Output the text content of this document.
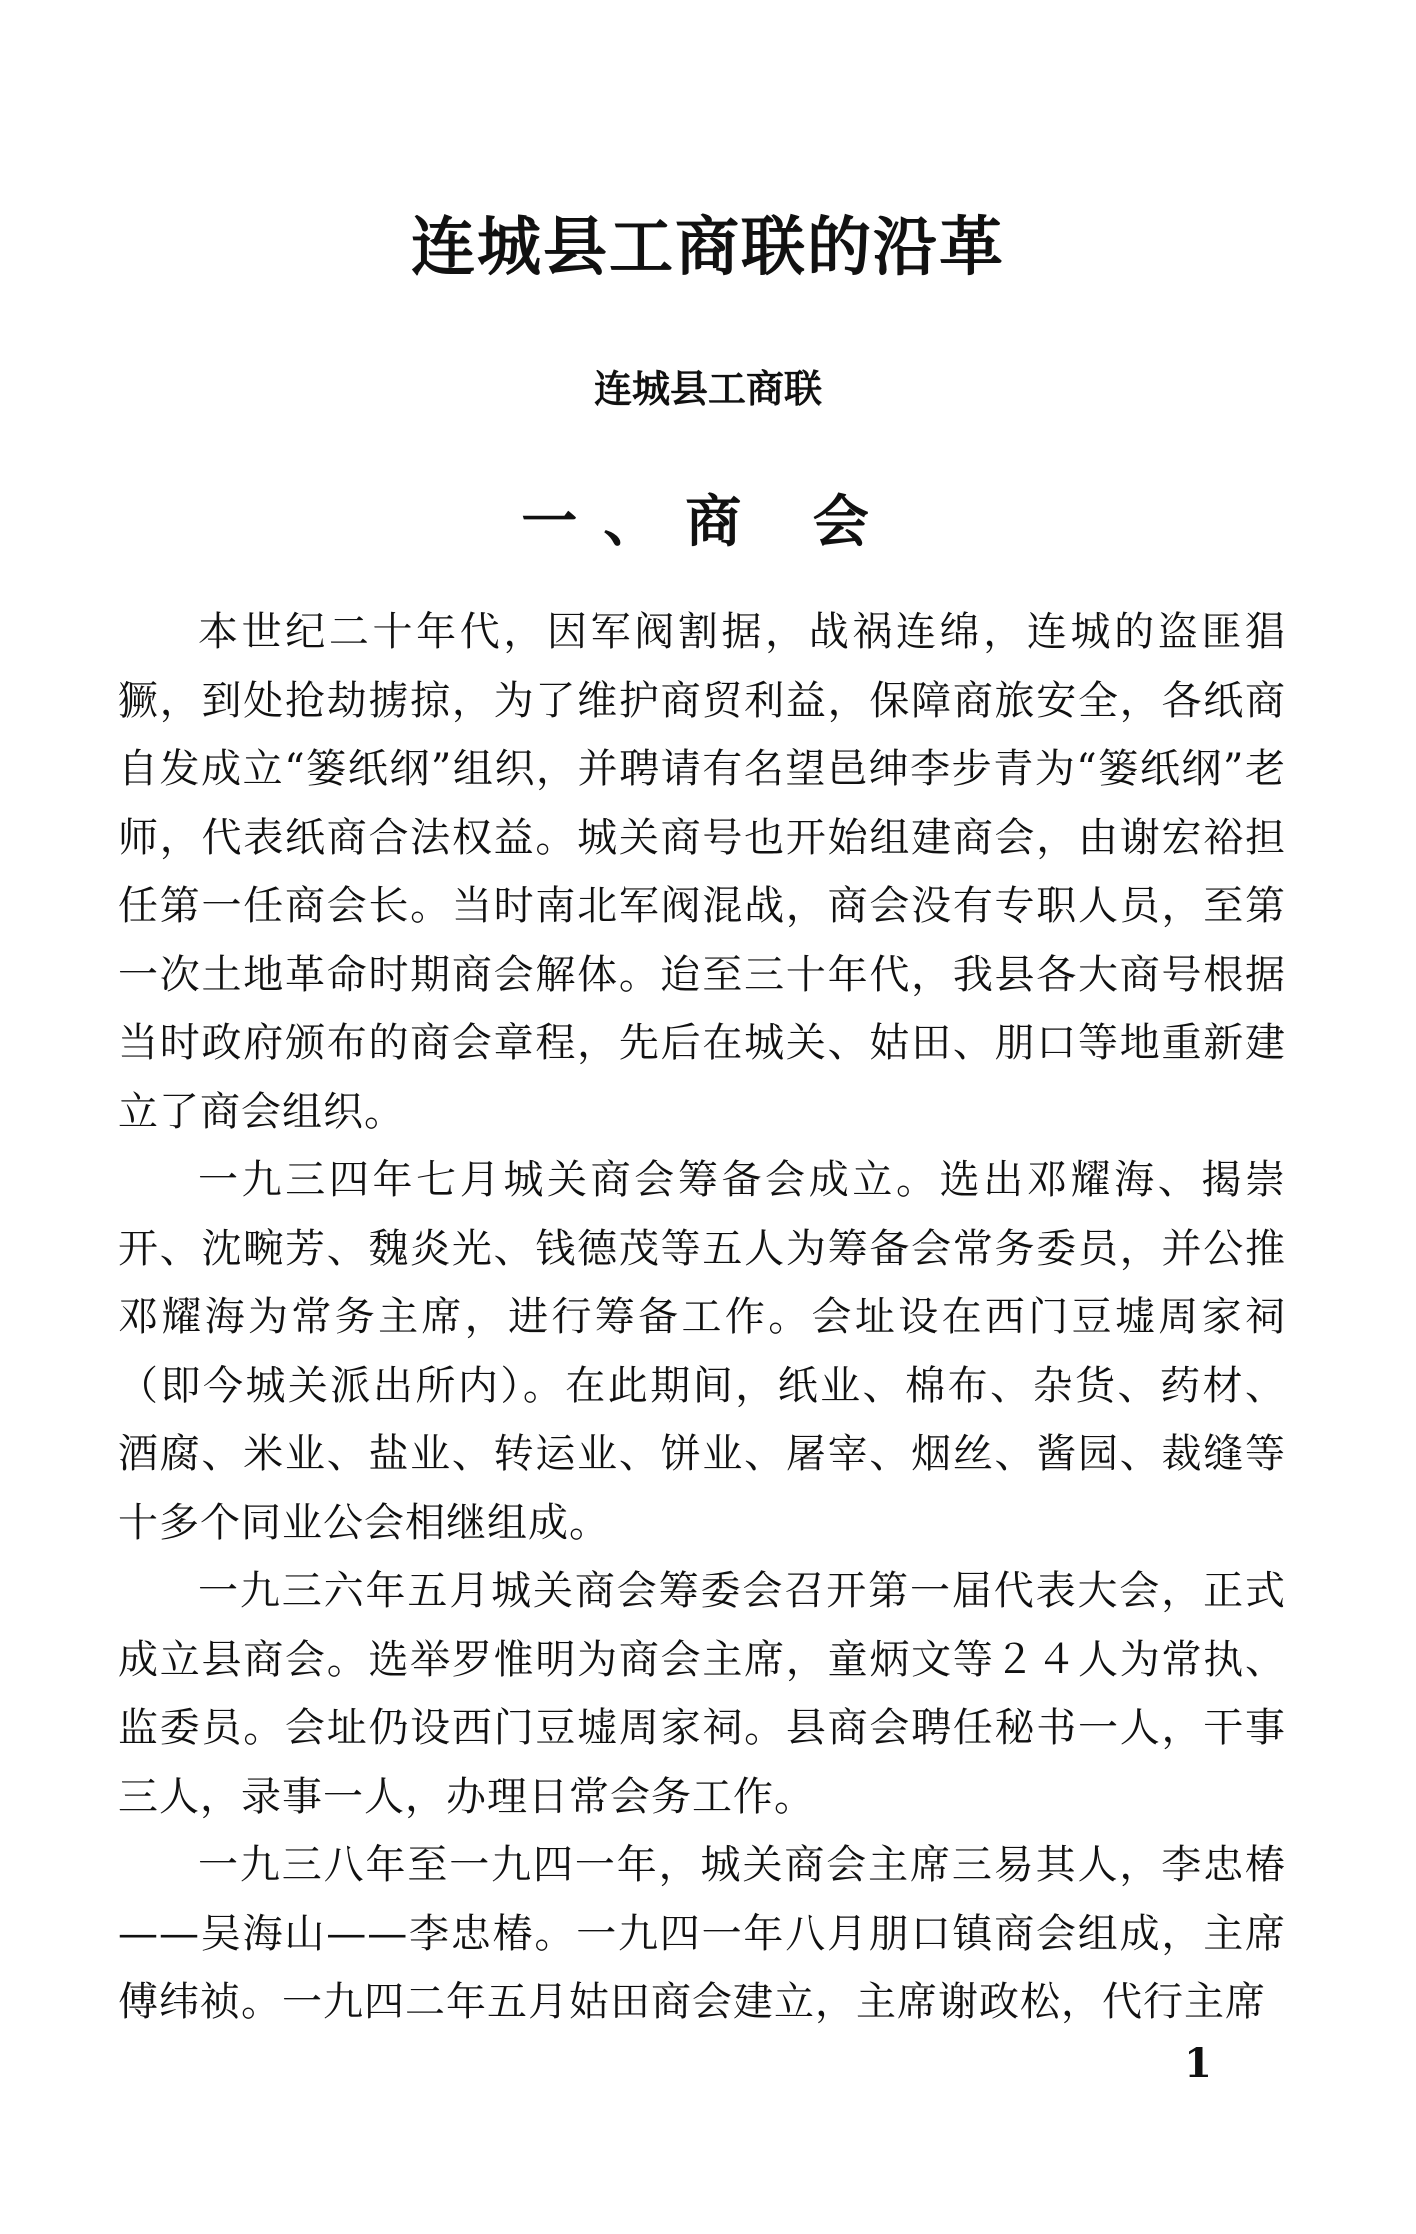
连城县工商联的沿革
连城县工商联
一、商 会

本世纪二十年代，因军阀割据，战祸连绵，连城的盗匪猖獗，到处抢劫掳掠，为了维护商贸利益，保障商旅安全，各纸商自发成立“篓纸纲”组织，并聘请有名望邑绅李步青为“篓纸纲”老师，代表纸商合法权益。城关商号也开始组建商会，由谢宏裕担任第一任商会长。当时南北军阀混战，商会没有专职人员，至第一次土地革命时期商会解体。迨至三十年代，我县各大商号根据当时政府颁布的商会章程，先后在城关、姑田、朋口等地重新建立了商会组织。

一九三四年七月城关商会筹备会成立。选出邓耀海、揭崇开、沈畹芳、魏炎光、钱德茂等五人为筹备会常务委员，并公推邓耀海为常务主席，进行筹备工作。会址设在西门豆墟周家祠（即今城关派出所内）。在此期间，纸业、棉布、杂货、药材、酒腐、米业、盐业、转运业、饼业、屠宰、烟丝、酱园、裁缝等十多个同业公会相继组成。

一九三六年五月城关商会筹委会召开第一届代表大会，正式成立县商会。选举罗惟明为商会主席，童炳文等２４人为常执、监委员。会址仍设西门豆墟周家祠。县商会聘任秘书一人，干事三人，录事一人，办理日常会务工作。

一九三八年至一九四一年，城关商会主席三易其人，李忠椿——吴海山——李忠椿。一九四一年八月朋口镇商会组成，主席傅纬祯。一九四二年五月姑田商会建立，主席谢政松，代行主席

1
